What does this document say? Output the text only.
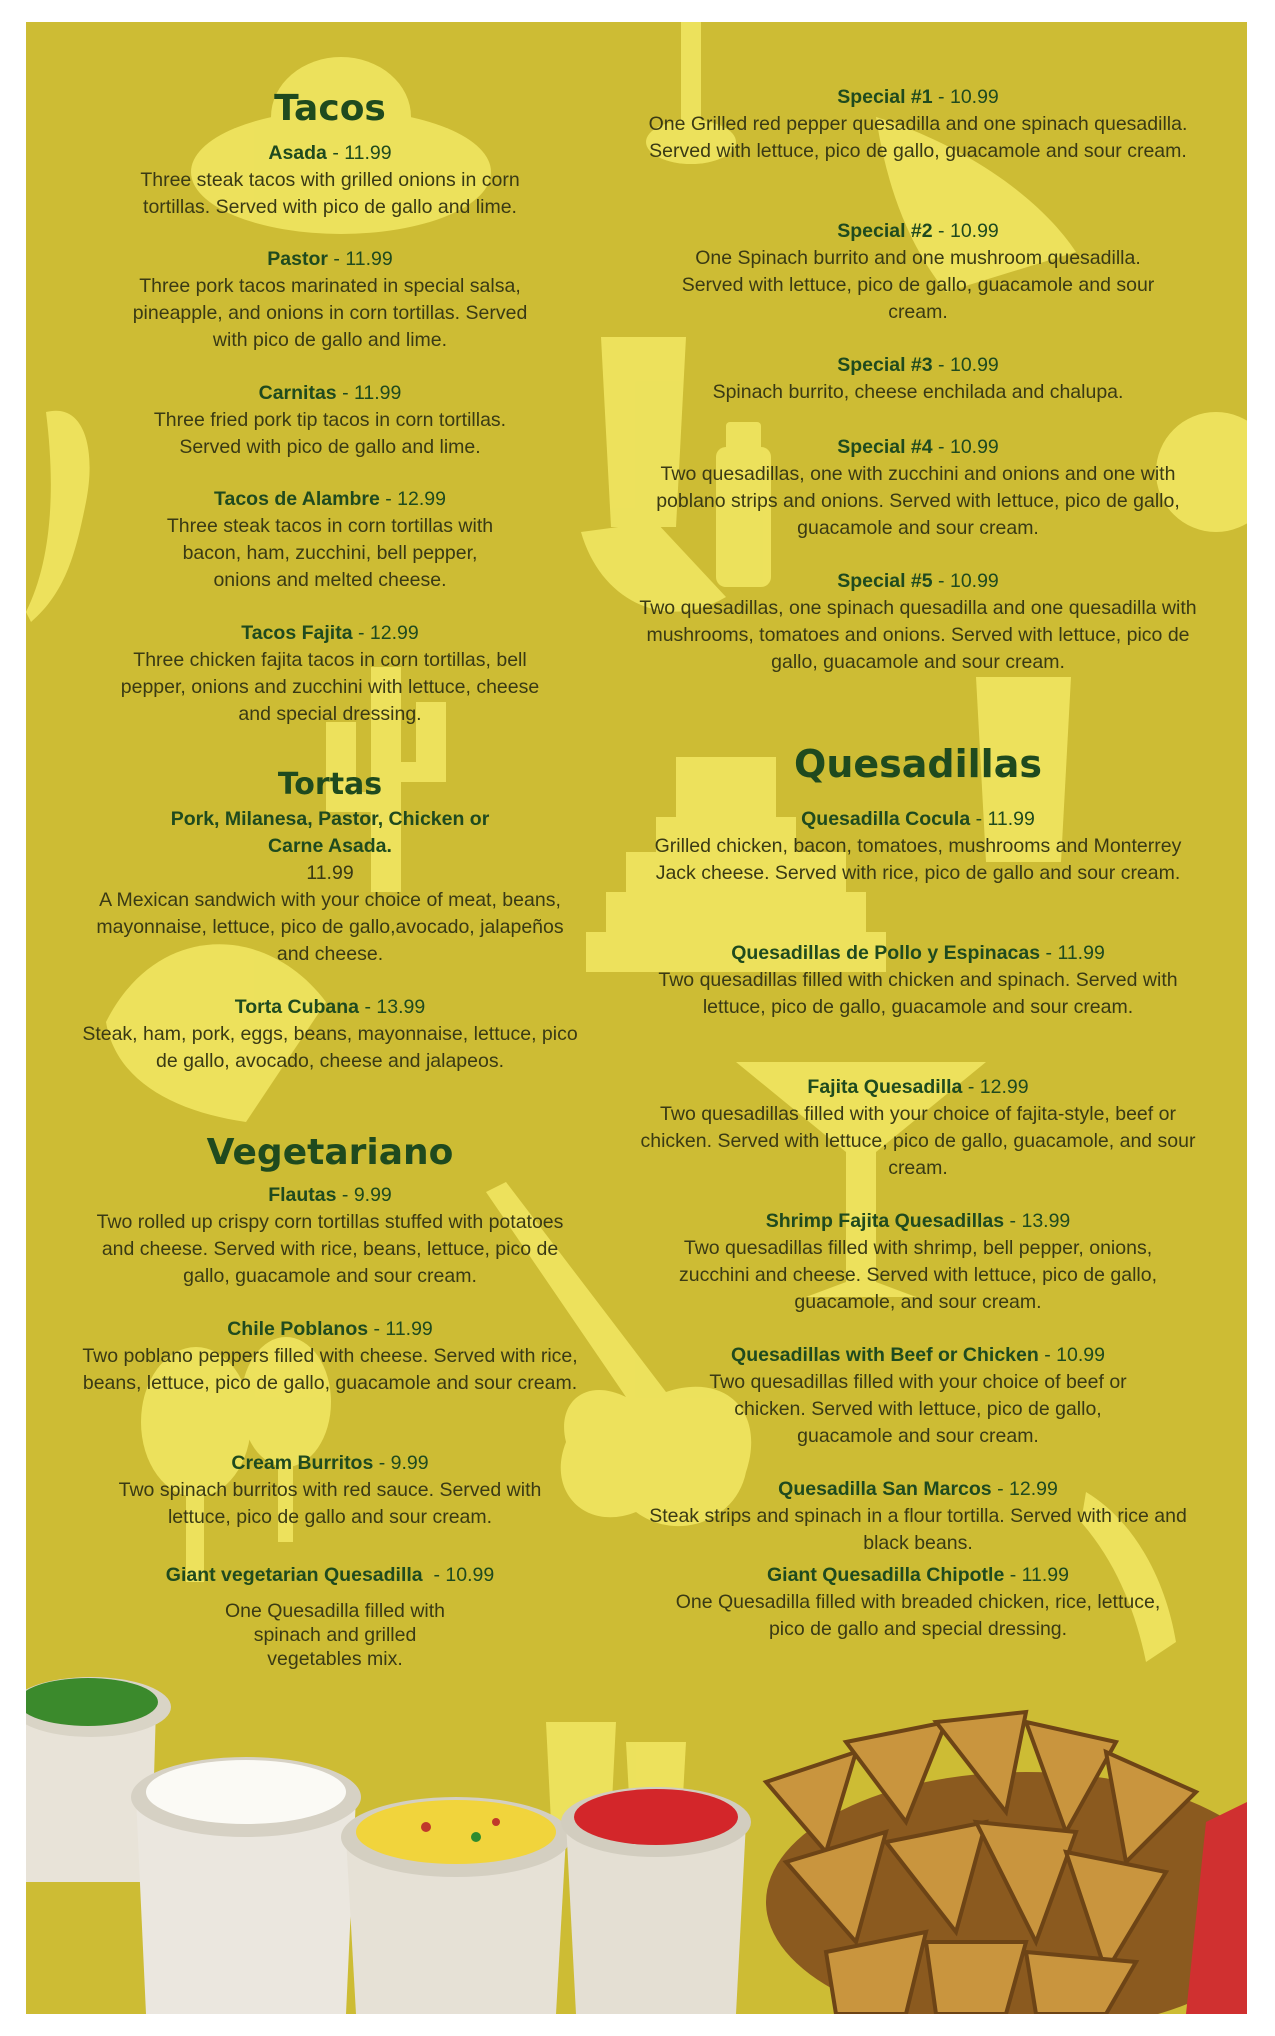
Tacos
Asada - 11.99
Three steak tacos with grilled onions in corn tortillas. Served with pico de gallo and lime.
Pastor - 11.99
Three pork tacos marinated in special salsa, pineapple, and onions in corn tortillas. Served with pico de gallo and lime.
Carnitas - 11.99
Three fried pork tip tacos in corn tortillas. Served with pico de gallo and lime.
Tacos de Alambre - 12.99
Three steak tacos in corn tortillas with bacon, ham, zucchini, bell pepper, onions and melted cheese.
Tacos Fajita - 12.99
Three chicken fajita tacos in corn tortillas, bell pepper, onions and zucchini with lettuce, cheese and special dressing.
Tortas
Pork, Milanesa, Pastor, Chicken or Carne Asada.
11.99
A Mexican sandwich with your choice of meat, beans, mayonnaise, lettuce, pico de gallo,avocado, jalapeños and cheese.
Torta Cubana - 13.99
Steak, ham, pork, eggs, beans, mayonnaise, lettuce, pico de gallo, avocado, cheese and jalapeos.
Vegetariano
Flautas - 9.99
Two rolled up crispy corn tortillas stuffed with potatoes and cheese. Served with rice, beans, lettuce, pico de gallo, guacamole and sour cream.
Chile Poblanos - 11.99
Two poblano peppers filled with cheese. Served with rice, beans, lettuce, pico de gallo, guacamole and sour cream.
Cream Burritos - 9.99
Two spinach burritos with red sauce. Served with lettuce, pico de gallo and sour cream.
Giant vegetarian Quesadilla  - 10.99
One Quesadilla filled with spinach and grilled vegetables mix.
Special #1 - 10.99
One Grilled red pepper quesadilla and one spinach quesadilla. Served with lettuce, pico de gallo, guacamole and sour cream.
Special #2 - 10.99
One Spinach burrito and one mushroom quesadilla. Served with lettuce, pico de gallo, guacamole and sour cream.
Special #3 - 10.99
Spinach burrito, cheese enchilada and chalupa.
Special #4 - 10.99
Two quesadillas, one with zucchini and onions and one with poblano strips and onions. Served with lettuce, pico de gallo, guacamole and sour cream.
Special #5 - 10.99
Two quesadillas, one spinach quesadilla and one quesadilla with mushrooms, tomatoes and onions. Served with lettuce, pico de gallo, guacamole and sour cream.
Quesadillas
Quesadilla Cocula - 11.99
Grilled chicken, bacon, tomatoes, mushrooms and Monterrey Jack cheese. Served with rice, pico de gallo and sour cream.
Quesadillas de Pollo y Espinacas - 11.99
Two quesadillas filled with chicken and spinach. Served with lettuce, pico de gallo, guacamole and sour cream.
Fajita Quesadilla - 12.99
Two quesadillas filled with your choice of fajita-style, beef or chicken. Served with lettuce, pico de gallo, guacamole, and sour cream.
Shrimp Fajita Quesadillas - 13.99
Two quesadillas filled with shrimp, bell pepper, onions, zucchini and cheese. Served with lettuce, pico de gallo, guacamole, and sour cream.
Quesadillas with Beef or Chicken - 10.99
Two quesadillas filled with your choice of beef or chicken. Served with lettuce, pico de gallo, guacamole and sour cream.
Quesadilla San Marcos - 12.99
Steak strips and spinach in a flour tortilla. Served with rice and black beans.
Giant Quesadilla Chipotle - 11.99
One Quesadilla filled with breaded chicken, rice, lettuce, pico de gallo and special dressing.
